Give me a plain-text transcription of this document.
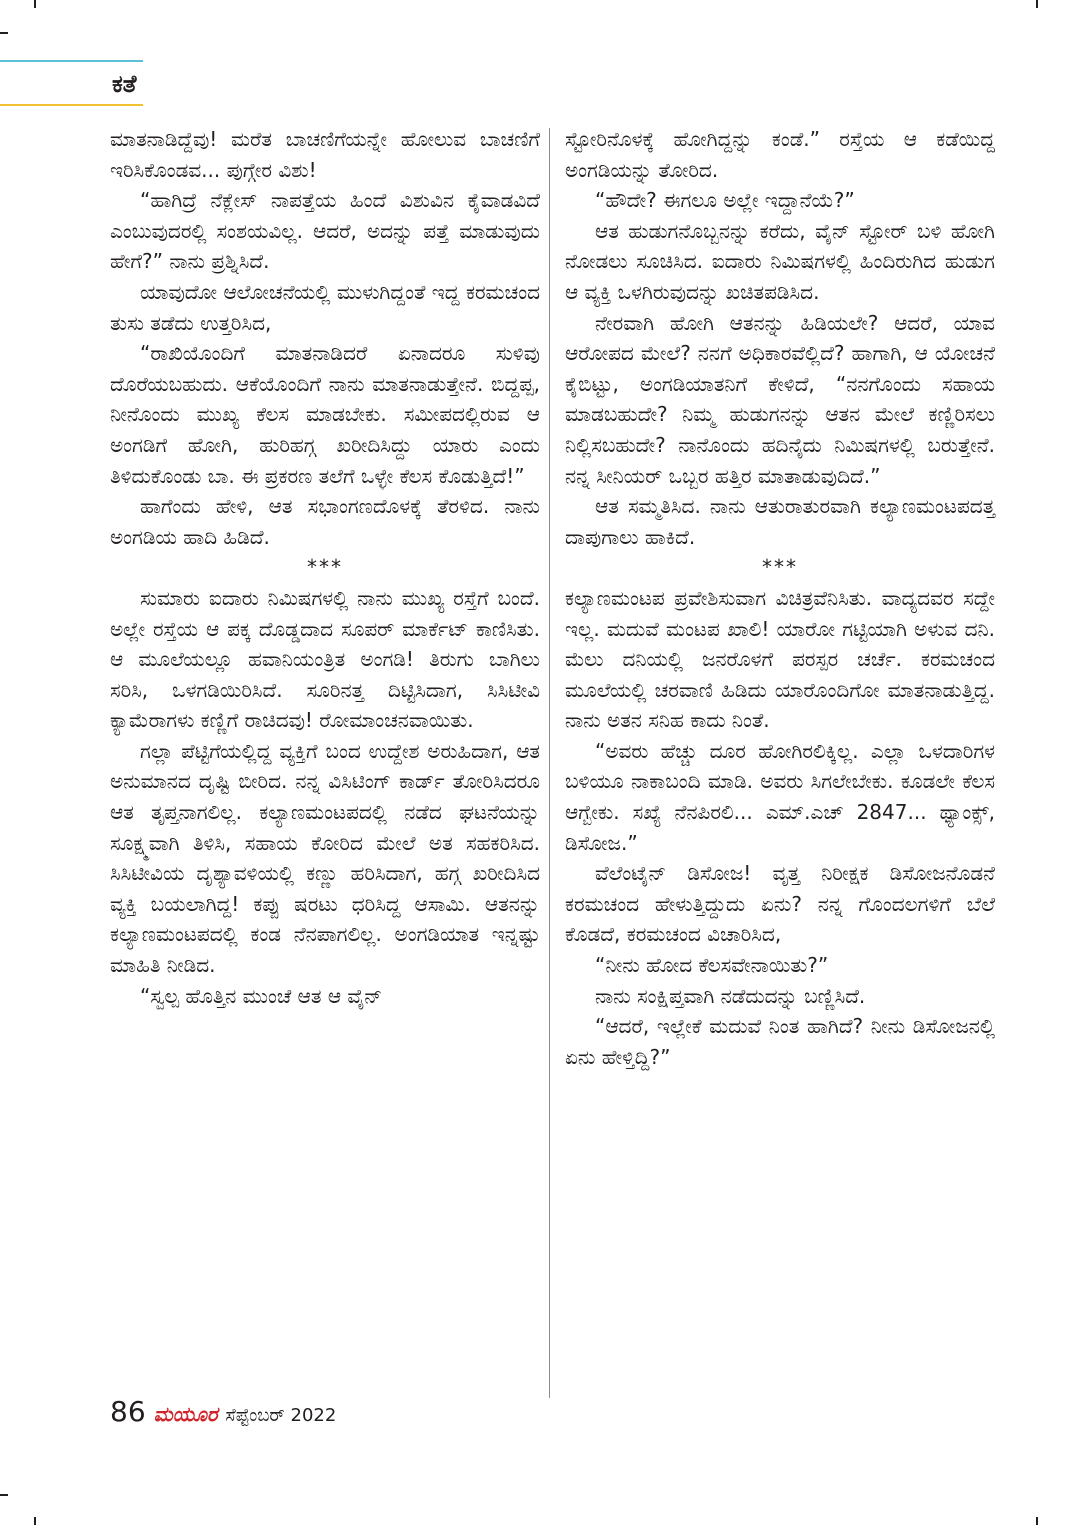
ಕತೆ

ಮಾತನಾಡಿದ್ದೆವು! ಮರೆತ ಬಾಚಣಿಗೆಯನ್ನೇ ಹೋಲುವ ಬಾಚಣಿಗೆ ಇರಿಸಿಕೊಂಡವ... ಪುಗ್ಗೇರ ವಿಶು!

“ಹಾಗಿದ್ರೆ ನೆಕ್ಲೇಸ್ ನಾಪತ್ತೆಯ ಹಿಂದೆ ವಿಶುವಿನ ಕೈವಾಡವಿದೆ ಎಂಬುವುದರಲ್ಲಿ ಸಂಶಯವಿಲ್ಲ. ಆದರೆ, ಅದನ್ನು ಪತ್ತೆ ಮಾಡುವುದು ಹೇಗೆ?” ನಾನು ಪ್ರಶ್ನಿಸಿದೆ.

ಯಾವುದೋ ಆಲೋಚನೆಯಲ್ಲಿ ಮುಳುಗಿದ್ದಂತೆ ಇದ್ದ ಕರಮಚಂದ ತುಸು ತಡೆದು ಉತ್ತರಿಸಿದ,

“ರಾಖಿಯೊಂದಿಗೆ ಮಾತನಾಡಿದರೆ ಏನಾದರೂ ಸುಳಿವು ದೊರೆಯಬಹುದು. ಆಕೆಯೊಂದಿಗೆ ನಾನು ಮಾತನಾಡುತ್ತೇನೆ. ಬಿದ್ದಪ್ಪ, ನೀನೊಂದು ಮುಖ್ಯ ಕೆಲಸ ಮಾಡಬೇಕು. ಸಮೀಪದಲ್ಲಿರುವ ಆ ಅಂಗಡಿಗೆ ಹೋಗಿ, ಹುರಿಹಗ್ಗ ಖರೀದಿಸಿದ್ದು ಯಾರು ಎಂದು ತಿಳಿದುಕೊಂಡು ಬಾ. ಈ ಪ್ರಕರಣ ತಲೆಗೆ ಒಳ್ಳೇ ಕೆಲಸ ಕೊಡುತ್ತಿದೆ!”

ಹಾಗೆಂದು ಹೇಳಿ, ಆತ ಸಭಾಂಗಣದೊಳಕ್ಕೆ ತೆರಳಿದ. ನಾನು ಅಂಗಡಿಯ ಹಾದಿ ಹಿಡಿದೆ.

***

ಸುಮಾರು ಐದಾರು ನಿಮಿಷಗಳಲ್ಲಿ ನಾನು ಮುಖ್ಯ ರಸ್ತೆಗೆ ಬಂದೆ. ಅಲ್ಲೇ ರಸ್ತೆಯ ಆ ಪಕ್ಕ ದೊಡ್ಡದಾದ ಸೂಪರ್ ಮಾರ್ಕೆಟ್ ಕಾಣಿಸಿತು. ಆ ಮೂಲೆಯಲ್ಲೂ ಹವಾನಿಯಂತ್ರಿತ ಅಂಗಡಿ! ತಿರುಗು ಬಾಗಿಲು ಸರಿಸಿ, ಒಳಗಡಿಯಿರಿಸಿದೆ. ಸೂರಿನತ್ತ ದಿಟ್ಟಿಸಿದಾಗ, ಸಿಸಿಟೀವಿ ಕ್ಯಾಮೆರಾಗಳು ಕಣ್ಣಿಗೆ ರಾಚಿದವು! ರೋಮಾಂಚನವಾಯಿತು.

ಗಲ್ಲಾ ಪೆಟ್ಟಿಗೆಯಲ್ಲಿದ್ದ ವ್ಯಕ್ತಿಗೆ ಬಂದ ಉದ್ದೇಶ ಅರುಹಿದಾಗ, ಆತ ಅನುಮಾನದ ದೃಷ್ಟಿ ಬೀರಿದ. ನನ್ನ ವಿಸಿಟಿಂಗ್ ಕಾರ್ಡ್ ತೋರಿಸಿದರೂ ಆತ ತೃಪ್ತನಾಗಲಿಲ್ಲ. ಕಲ್ಯಾಣಮಂಟಪದಲ್ಲಿ ನಡೆದ ಘಟನೆಯನ್ನು ಸೂಕ್ಷ್ಮವಾಗಿ ತಿಳಿಸಿ, ಸಹಾಯ ಕೋರಿದ ಮೇಲೆ ಅತ ಸಹಕರಿಸಿದ. ಸಿಸಿಟೀವಿಯ ದೃಶ್ಯಾವಳಿಯಲ್ಲಿ ಕಣ್ಣು ಹರಿಸಿದಾಗ, ಹಗ್ಗ ಖರೀದಿಸಿದ ವ್ಯಕ್ತಿ ಬಯಲಾಗಿದ್ದ! ಕಪ್ಪು ಷರಟು ಧರಿಸಿದ್ದ ಆಸಾಮಿ. ಆತನನ್ನು ಕಲ್ಯಾಣಮಂಟಪದಲ್ಲಿ ಕಂಡ ನೆನಪಾಗಲಿಲ್ಲ. ಅಂಗಡಿಯಾತ ಇನ್ನಷ್ಟು ಮಾಹಿತಿ ನೀಡಿದ.

“ಸ್ವಲ್ಪ ಹೊತ್ತಿನ ಮುಂಚೆ ಆತ ಆ ವೈನ್

ಸ್ಟೋರಿನೊಳಕ್ಕೆ ಹೋಗಿದ್ದನ್ನು ಕಂಡೆ.” ರಸ್ತೆಯ ಆ ಕಡೆಯಿದ್ದ ಅಂಗಡಿಯನ್ನು ತೋರಿದ.

“ಹೌದೇ? ಈಗಲೂ ಅಲ್ಲೇ ಇದ್ದಾನೆಯೆ?”

ಆತ ಹುಡುಗನೊಬ್ಬನನ್ನು ಕರೆದು, ವೈನ್ ಸ್ಟೋರ್ ಬಳಿ ಹೋಗಿ ನೋಡಲು ಸೂಚಿಸಿದ. ಐದಾರು ನಿಮಿಷಗಳಲ್ಲಿ ಹಿಂದಿರುಗಿದ ಹುಡುಗ ಆ ವ್ಯಕ್ತಿ ಒಳಗಿರುವುದನ್ನು ಖಚಿತಪಡಿಸಿದ.

ನೇರವಾಗಿ ಹೋಗಿ ಆತನನ್ನು ಹಿಡಿಯಲೇ? ಆದರೆ, ಯಾವ ಆರೋಪದ ಮೇಲೆ? ನನಗೆ ಅಧಿಕಾರವೆಲ್ಲಿದೆ? ಹಾಗಾಗಿ, ಆ ಯೋಚನೆ ಕೈಬಿಟ್ಟು, ಅಂಗಡಿಯಾತನಿಗೆ ಕೇಳಿದೆ, “ನನಗೊಂದು ಸಹಾಯ ಮಾಡಬಹುದೇ? ನಿಮ್ಮ ಹುಡುಗನನ್ನು ಆತನ ಮೇಲೆ ಕಣ್ಣಿರಿಸಲು ನಿಲ್ಲಿಸಬಹುದೇ? ನಾನೊಂದು ಹದಿನೈದು ನಿಮಿಷಗಳಲ್ಲಿ ಬರುತ್ತೇನೆ. ನನ್ನ ಸೀನಿಯರ್ ಒಬ್ಬರ ಹತ್ತಿರ ಮಾತಾಡುವುದಿದೆ.”

ಆತ ಸಮ್ಮತಿಸಿದ. ನಾನು ಆತುರಾತುರವಾಗಿ ಕಲ್ಯಾಣಮಂಟಪದತ್ತ ದಾಪುಗಾಲು ಹಾಕಿದೆ.

***

ಕಲ್ಯಾಣಮಂಟಪ ಪ್ರವೇಶಿಸುವಾಗ ವಿಚಿತ್ರವೆನಿಸಿತು. ವಾದ್ಯದವರ ಸದ್ದೇ ಇಲ್ಲ. ಮದುವೆ ಮಂಟಪ ಖಾಲಿ! ಯಾರೋ ಗಟ್ಟಿಯಾಗಿ ಅಳುವ ದನಿ. ಮೆಲು ದನಿಯಲ್ಲಿ ಜನರೊಳಗೆ ಪರಸ್ಪರ ಚರ್ಚೆ. ಕರಮಚಂದ ಮೂಲೆಯಲ್ಲಿ ಚರವಾಣಿ ಹಿಡಿದು ಯಾರೊಂದಿಗೋ ಮಾತನಾಡುತ್ತಿದ್ದ. ನಾನು ಅತನ ಸನಿಹ ಕಾದು ನಿಂತೆ.

“ಅವರು ಹೆಚ್ಚು ದೂರ ಹೋಗಿರಲಿಕ್ಕಿಲ್ಲ. ಎಲ್ಲಾ ಒಳದಾರಿಗಳ ಬಳಿಯೂ ನಾಕಾಬಂದಿ ಮಾಡಿ. ಅವರು ಸಿಗಲೇಬೇಕು. ಕೂಡಲೇ ಕೆಲಸ ಆಗ್ಬೇಕು. ಸಖ್ಯೆ ನೆನಪಿರಲಿ... ಎಮ್.ಎಚ್ 2847... ಥ್ಯಾಂಕ್ಸ್, ಡಿಸೋಜ.”

ವೆಲೆಂಟೈನ್ ಡಿಸೋಜ! ವೃತ್ತ ನಿರೀಕ್ಷಕ ಡಿಸೋಜನೊಡನೆ ಕರಮಚಂದ ಹೇಳುತ್ತಿದ್ದುದು ಏನು? ನನ್ನ ಗೊಂದಲಗಳಿಗೆ ಬೆಲೆ ಕೊಡದೆ, ಕರಮಚಂದ ವಿಚಾರಿಸಿದ,

“ನೀನು ಹೋದ ಕೆಲಸವೇನಾಯಿತು?”

ನಾನು ಸಂಕ್ಷಿಪ್ತವಾಗಿ ನಡೆದುದನ್ನು ಬಣ್ಣಿಸಿದೆ.

“ಆದರೆ, ಇಲ್ಲೇಕೆ ಮದುವೆ ನಿಂತ ಹಾಗಿದೆ? ನೀನು ಡಿಸೋಜನಲ್ಲಿ ಏನು ಹೇಳ್ತಿದ್ದಿ?”

86 ಮಯೂರ ಸೆಪ್ಟೆಂಬರ್ 2022
